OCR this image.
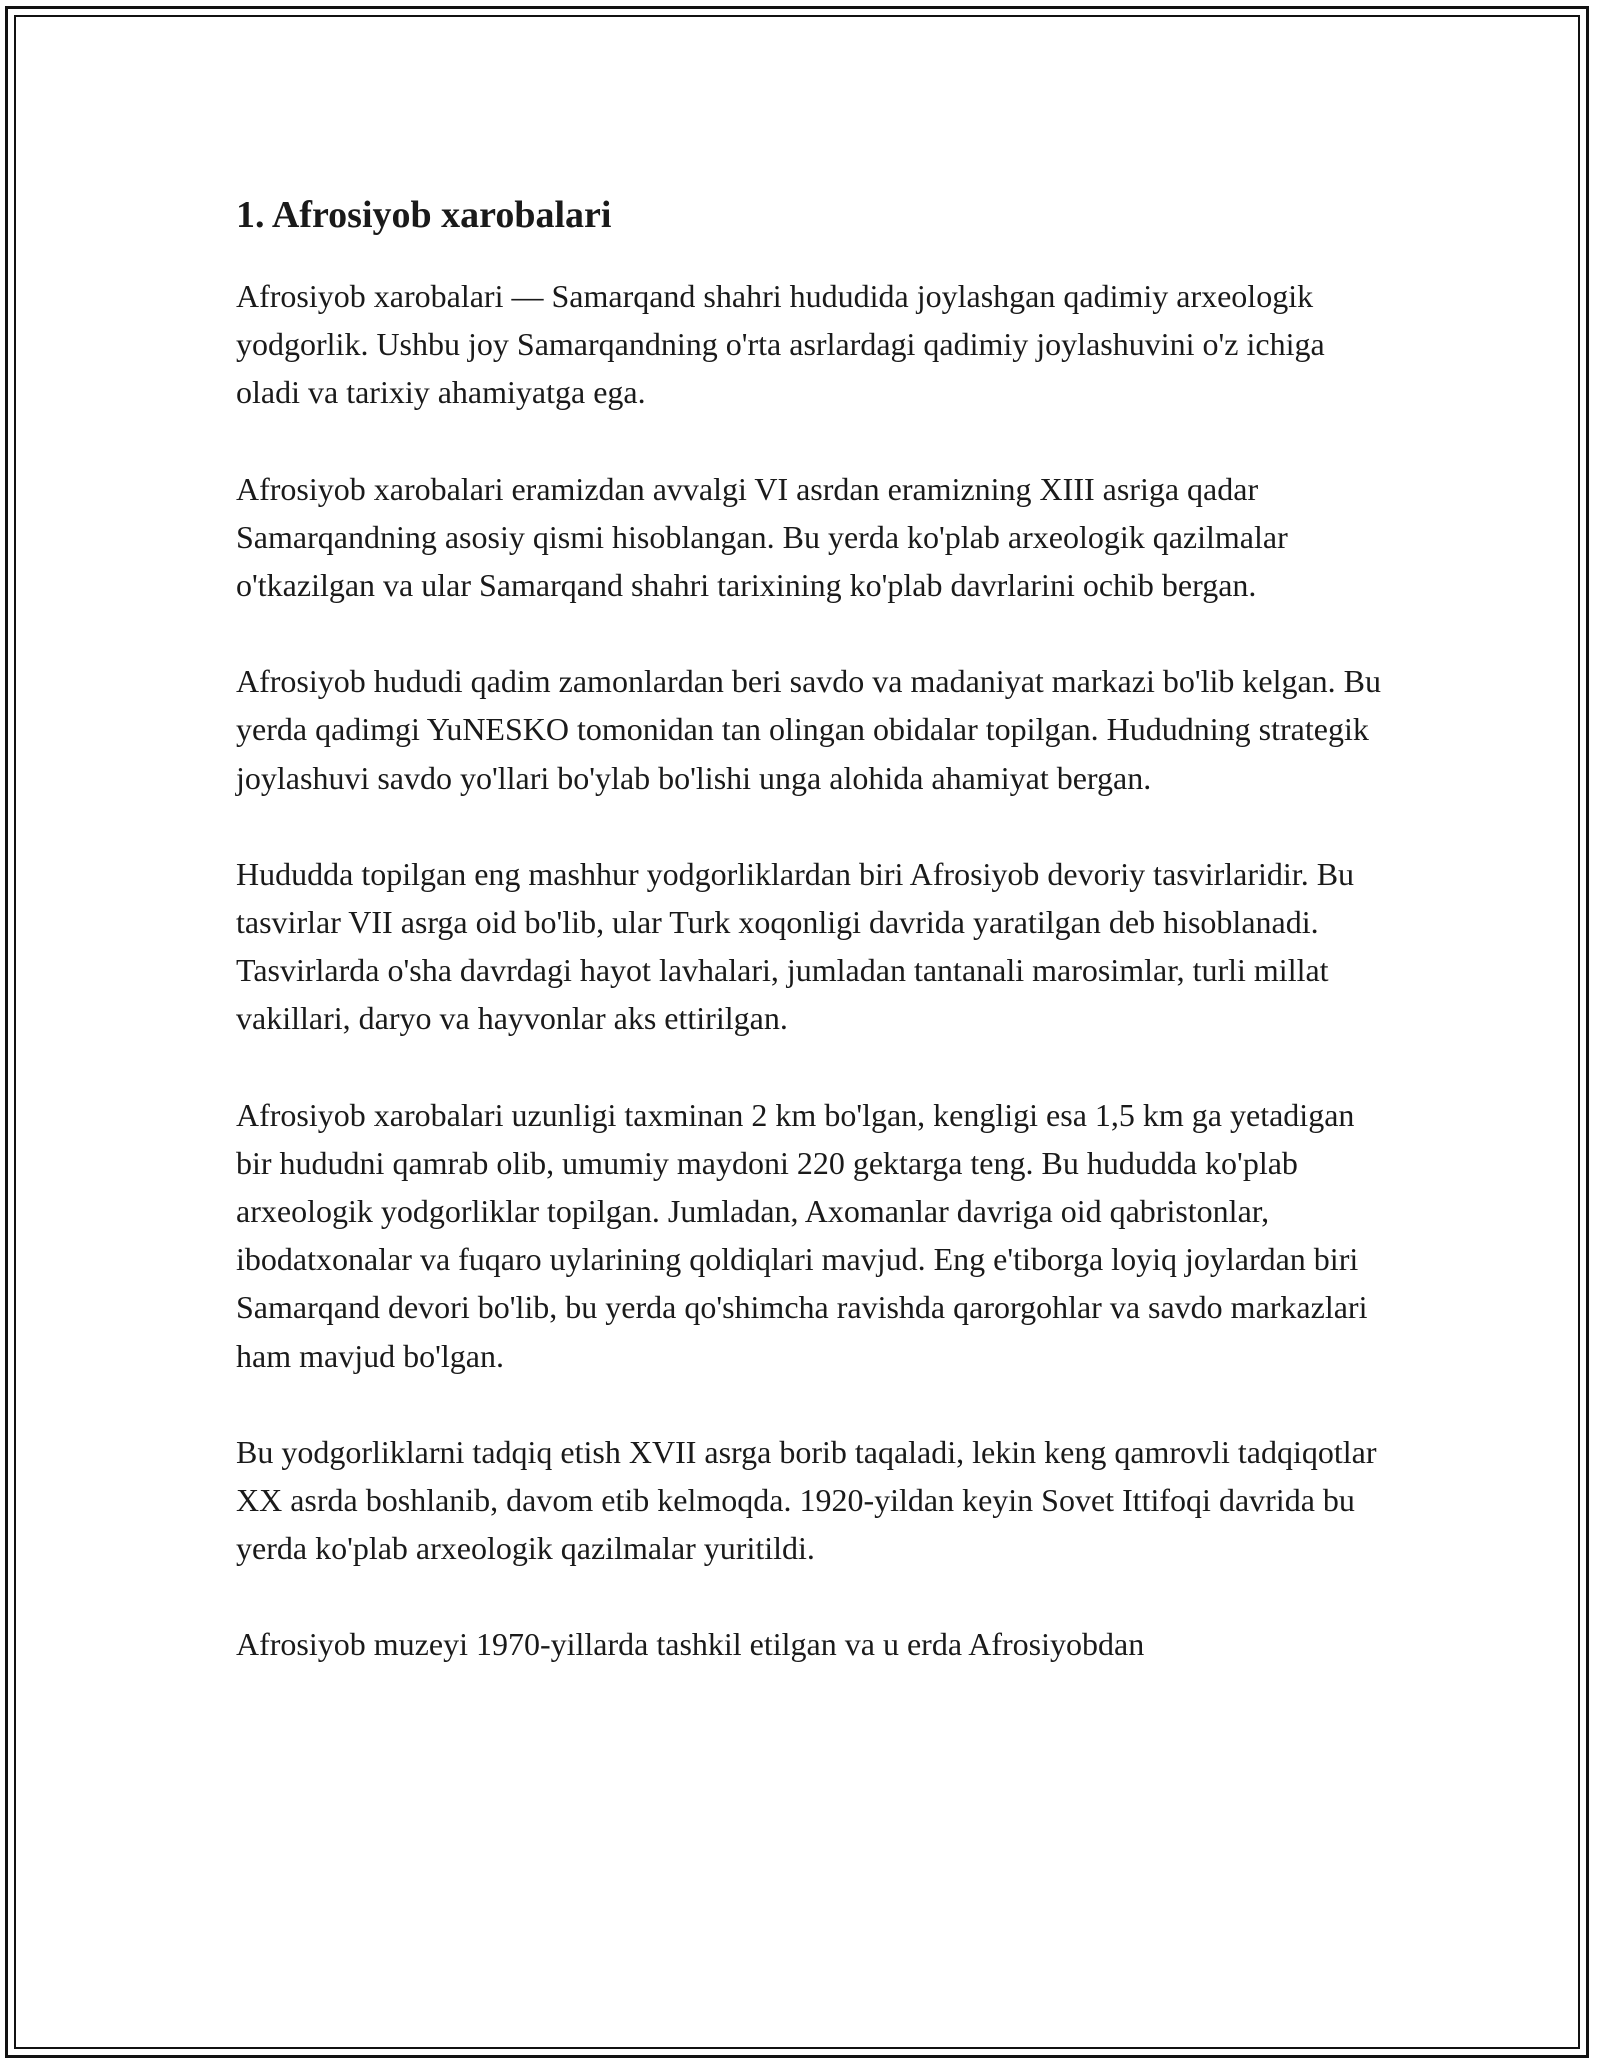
1. Afrosiyob xarobalari

Afrosiyob xarobalari — Samarqand shahri hududida joylashgan qadimiy arxeologik yodgorlik. Ushbu joy Samarqandning o'rta asrlardagi qadimiy joylashuvini o'z ichiga oladi va tarixiy ahamiyatga ega.

Afrosiyob xarobalari eramizdan avvalgi VI asrdan eramizning XIII asriga qadar Samarqandning asosiy qismi hisoblangan. Bu yerda ko'plab arxeologik qazilmalar o'tkazilgan va ular Samarqand shahri tarixining ko'plab davrlarini ochib bergan.

Afrosiyob hududi qadim zamonlardan beri savdo va madaniyat markazi bo'lib kelgan. Bu yerda qadimgi YuNESKO tomonidan tan olingan obidalar topilgan. Hududning strategik joylashuvi savdo yo'llari bo'ylab bo'lishi unga alohida ahamiyat bergan.

Hududda topilgan eng mashhur yodgorliklardan biri Afrosiyob devoriy tasvirlaridir. Bu tasvirlar VII asrga oid bo'lib, ular Turk xoqonligi davrida yaratilgan deb hisoblanadi. Tasvirlarda o'sha davrdagi hayot lavhalari, jumladan tantanali marosimlar, turli millat vakillari, daryo va hayvonlar aks ettirilgan.

Afrosiyob xarobalari uzunligi taxminan 2 km bo'lgan, kengligi esa 1,5 km ga yetadigan bir hududni qamrab olib, umumiy maydoni 220 gektarga teng. Bu hududda ko'plab arxeologik yodgorliklar topilgan. Jumladan, Axomanlar davriga oid qabristonlar, ibodatxonalar va fuqaro uylarining qoldiqlari mavjud. Eng e'tiborga loyiq joylardan biri Samarqand devori bo'lib, bu yerda qo'shimcha ravishda qarorgohlar va savdo markazlari ham mavjud bo'lgan.

Bu yodgorliklarni tadqiq etish XVII asrga borib taqaladi, lekin keng qamrovli tadqiqotlar XX asrda boshlanib, davom etib kelmoqda. 1920-yildan keyin Sovet Ittifoqi davrida bu yerda ko'plab arxeologik qazilmalar yuritildi.

Afrosiyob muzeyi 1970-yillarda tashkil etilgan va u erda Afrosiyobdan
